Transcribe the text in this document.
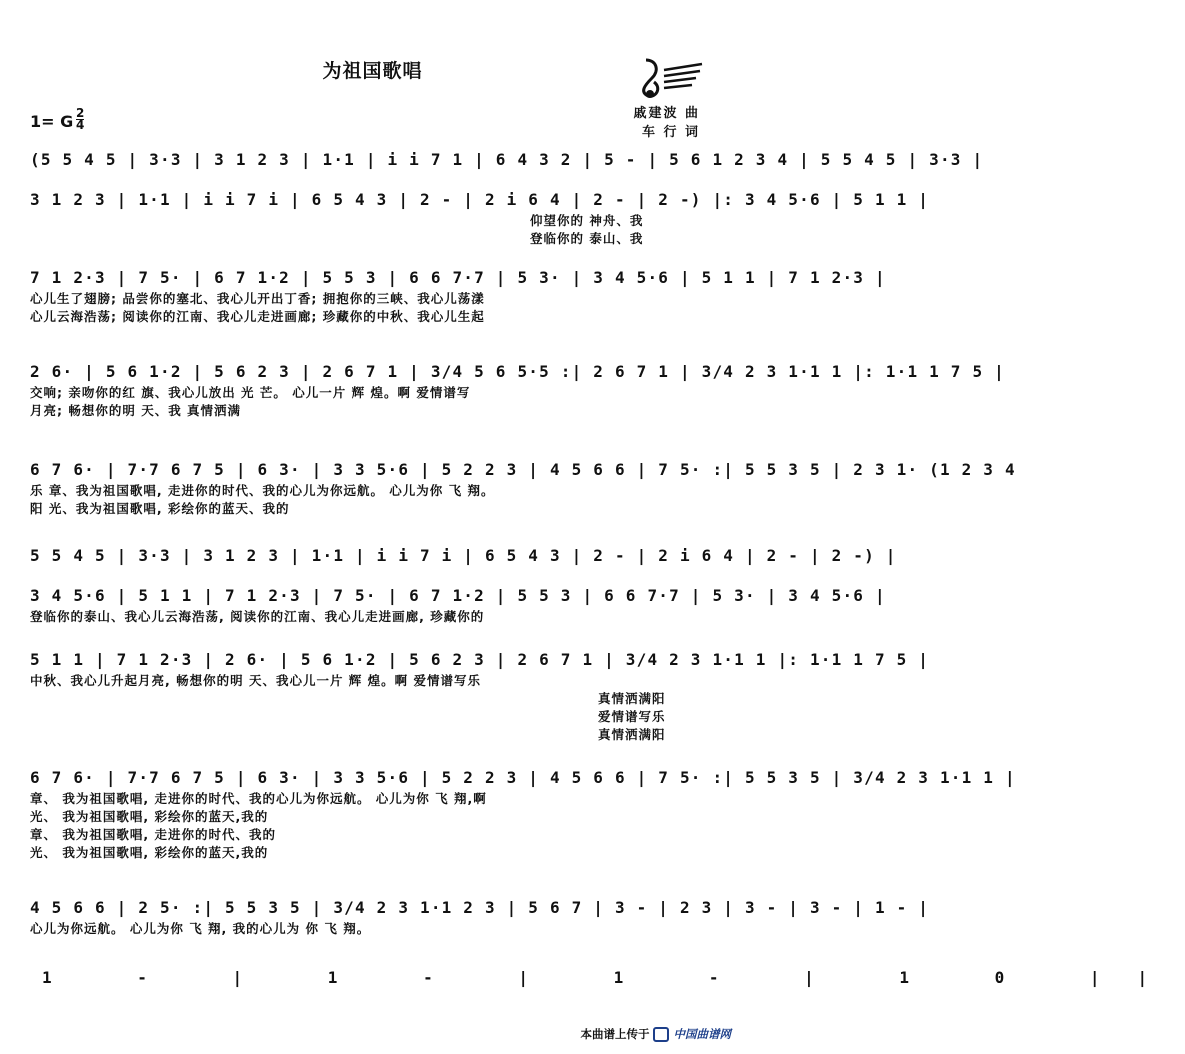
为祖国歌唱
1= G $\frac{2}{4}$	戚建波 曲
车 行 词
(5 5 4 5 | 3·3 | 3 1 2 3 | 1·1 | i i 7 1 | 6 4 3 2 | 5 - | 5 6 1 2 3 4 | 5 5 4 5 | 3·3 |
3 1 2 3 | 1·1 | i i 7 i | 6 5 4 3 | 2 - | 2 i 6 4 | 2 - | 2 -) |: 3 4 5·6 | 5 1 1 |
仰望你的 神舟、我
登临你的 泰山、我
7 1 2·3 | 7 5· | 6 7 1·2 | 5 5 3 | 6 6 7·7 | 5 3· | 3 4 5·6 | 5 1 1 | 7 1 2·3 |
心儿生了翅膀; 品尝你的塞北、我心儿开出丁香; 拥抱你的三峡、我心儿荡漾
心儿云海浩荡; 阅读你的江南、我心儿走进画廊; 珍藏你的中秋、我心儿生起
2 6· | 5 6 1·2 | 5 6 2 3 | 2 6 7 1 | 3/4 5 6 5·5 :| 2 6 7 1 | 3/4 2 3 1·1 1 |: 1·1 1 7 5 |
交响; 亲吻你的红 旗、我心儿放出 光 芒。 心儿一片 辉 煌。啊 爱情谱写
月亮; 畅想你的明 天、我 真情洒满
6 7 6· | 7·7 6 7 5 | 6 3· | 3 3 5·6 | 5 2 2 3 | 4 5 6 6 | 7 5· :| 5 5 3 5 | 2 3 1· (1 2 3 4
乐 章、我为祖国歌唱, 走进你的时代、我的心儿为你远航。 心儿为你 飞 翔。
阳 光、我为祖国歌唱, 彩绘你的蓝天、我的
5 5 4 5 | 3·3 | 3 1 2 3 | 1·1 | i i 7 i | 6 5 4 3 | 2 - | 2 i 6 4 | 2 - | 2 -) |
3 4 5·6 | 5 1 1 | 7 1 2·3 | 7 5· | 6 7 1·2 | 5 5 3 | 6 6 7·7 | 5 3· | 3 4 5·6 |
登临你的泰山、我心儿云海浩荡, 阅读你的江南、我心儿走进画廊, 珍藏你的
5 1 1 | 7 1 2·3 | 2 6· | 5 6 1·2 | 5 6 2 3 | 2 6 7 1 | 3/4 2 3 1·1 1 |: 1·1 1 7 5 |
中秋、我心儿升起月亮, 畅想你的明 天、我心儿一片 辉 煌。啊 爱情谱写乐
真情洒满阳
爱情谱写乐
真情洒满阳
6 7 6· | 7·7 6 7 5 | 6 3· | 3 3 5·6 | 5 2 2 3 | 4 5 6 6 | 7 5· :| 5 5 3 5 | 3/4 2 3 1·1 1 |
章、 我为祖国歌唱, 走进你的时代、我的心儿为你远航。 心儿为你 飞 翔,啊
光、 我为祖国歌唱, 彩绘你的蓝天,我的
章、 我为祖国歌唱, 走进你的时代、我的
光、 我为祖国歌唱, 彩绘你的蓝天,我的
4 5 6 6 | 2 5· :| 5 5 3 5 | 3/4 2 3 1·1 2 3 | 5 6 7 | 3 - | 2 3 | 3 - | 3 - | 1 - |
心儿为你远航。 心儿为你 飞 翔, 我的心儿为 你 飞 翔。
1 - | 1 - | 1 - | 1 0 ||
本曲谱上传于 中国曲谱网
